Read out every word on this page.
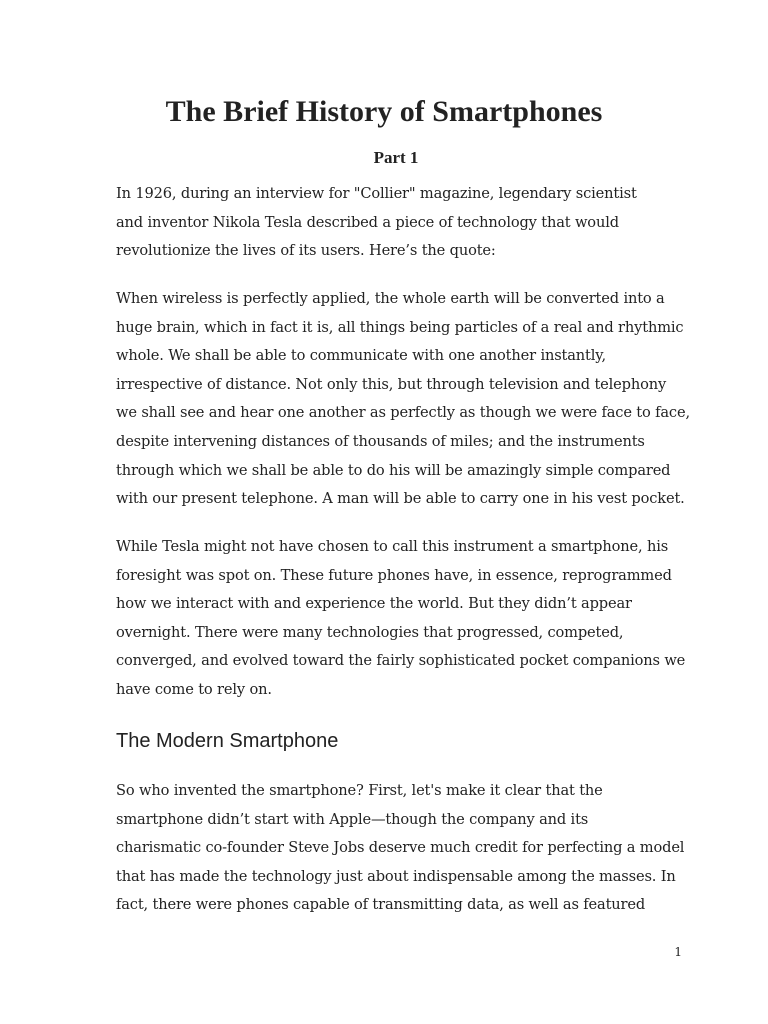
The Brief History of Smartphones
Part 1

In 1926, during an interview for "Collier" magazine, legendary scientist
and inventor Nikola Tesla described a piece of technology that would
revolutionize the lives of its users. Here’s the quote:

When wireless is perfectly applied, the whole earth will be converted into a
huge brain, which in fact it is, all things being particles of a real and rhythmic
whole. We shall be able to communicate with one another instantly,
irrespective of distance. Not only this, but through television and telephony
we shall see and hear one another as perfectly as though we were face to face,
despite intervening distances of thousands of miles; and the instruments
through which we shall be able to do his will be amazingly simple compared
with our present telephone. A man will be able to carry one in his vest pocket.

While Tesla might not have chosen to call this instrument a smartphone, his
foresight was spot on. These future phones have, in essence, reprogrammed
how we interact with and experience the world. But they didn’t appear
overnight. There were many technologies that progressed, competed,
converged, and evolved toward the fairly sophisticated pocket companions we
have come to rely on.

The Modern Smartphone

So who invented the smartphone? First, let's make it clear that the
smartphone didn’t start with Apple—though the company and its
charismatic co-founder Steve Jobs deserve much credit for perfecting a model
that has made the technology just about indispensable among the masses. In
fact, there were phones capable of transmitting data, as well as featured

1
